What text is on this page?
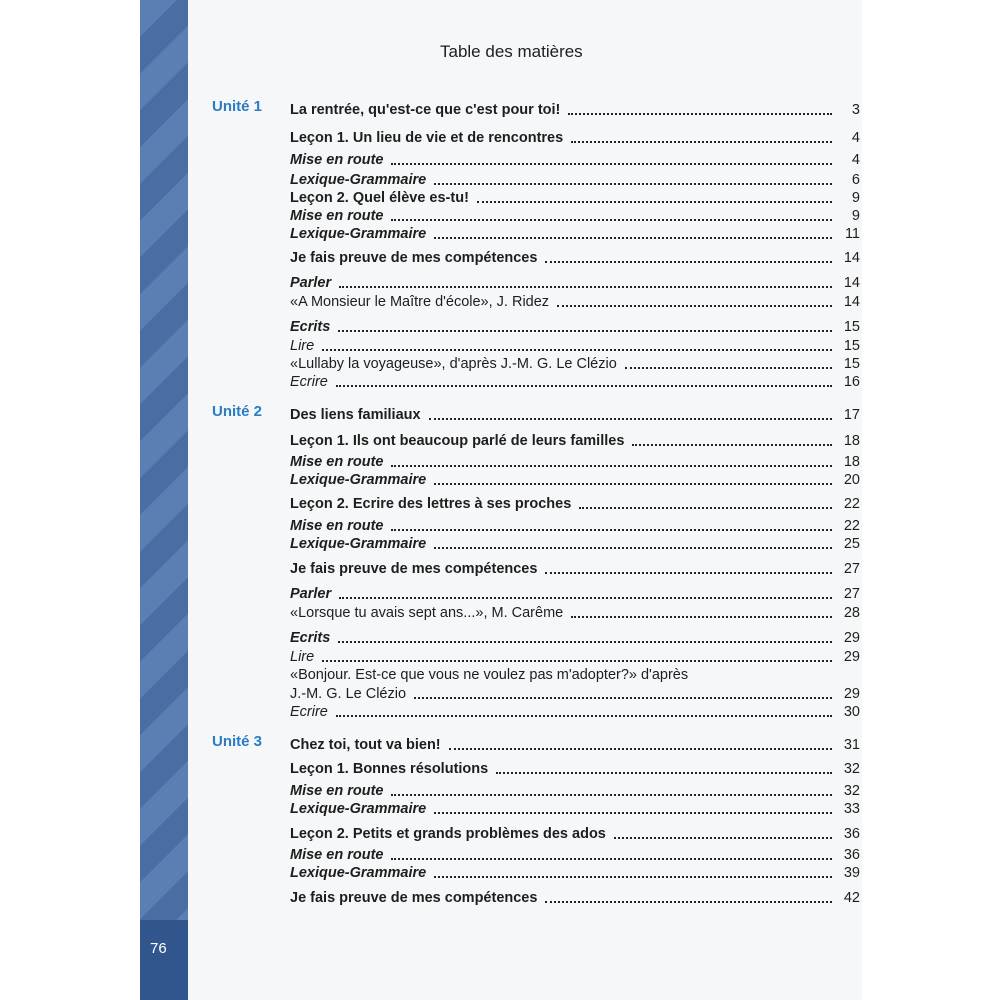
76
Table des matières
Unité 1 La rentrée, qu'est-ce que c'est pour toi!	3
Leçon 1. Un lieu de vie et de rencontres	4
Mise en route	4
Lexique-Grammaire	6
Leçon 2. Quel élève es-tu!	9
Mise en route	9
Lexique-Grammaire	11
Je fais preuve de mes compétences	14
Parler	14
«A Monsieur le Maître d'école», J. Ridez	14
Ecrits	15
Lire	15
«Lullaby la voyageuse», d'après J.-M. G. Le Clézio	15
Ecrire	16
Unité 2 Des liens familiaux	17
Leçon 1. Ils ont beaucoup parlé de leurs familles	18
Mise en route	18
Lexique-Grammaire	20
Leçon 2. Ecrire des lettres à ses proches	22
Mise en route	22
Lexique-Grammaire	25
Je fais preuve de mes compétences	27
Parler	27
«Lorsque tu avais sept ans...», M. Carême	28
Ecrits	29
Lire	29
«Bonjour. Est-ce que vous ne voulez pas m'adopter?» d'après
J.-M. G. Le Clézio	29
Ecrire	30
Unité 3 Chez toi, tout va bien!	31
Leçon 1. Bonnes résolutions	32
Mise en route	32
Lexique-Grammaire	33
Leçon 2. Petits et grands problèmes des ados	36
Mise en route	36
Lexique-Grammaire	39
Je fais preuve de mes compétences	42
